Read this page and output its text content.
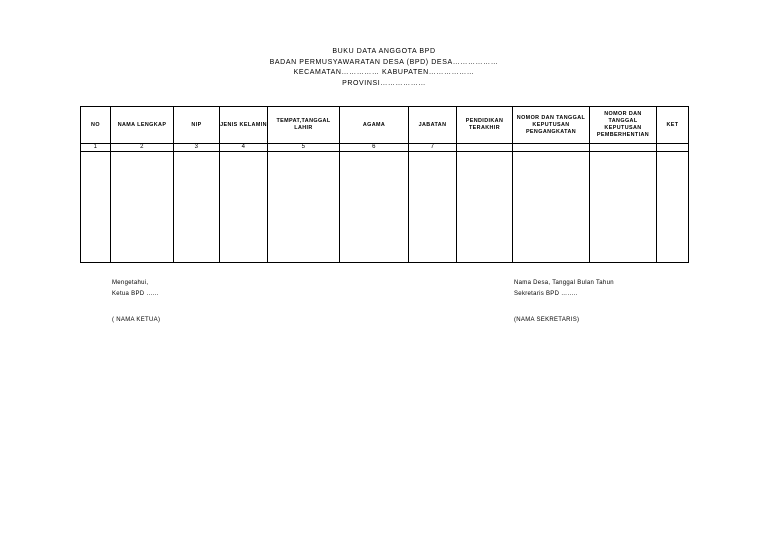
BUKU DATA ANGGOTA BPD
BADAN PERMUSYAWARATAN DESA (BPD) DESA………………
KECAMATAN…………… KABUPATEN………………
PROVINSI………………
NO	NAMA LENGKAP	NIP	JENIS KELAMIN	TEMPAT,TANGGAL LAHIR	AGAMA	JABATAN	PENDIDIKAN TERAKHIR	NOMOR DAN TANGGAL KEPUTUSAN PENGANGKATAN	NOMOR DAN TANGGAL KEPUTUSAN PEMBERHENTIAN	KET
1	2	3	4	5	6	7				

Mengetahui,
Ketua BPD ……
( NAMA KETUA)
Nama Desa, Tanggal Bulan Tahun
Sekretaris BPD ……..
(NAMA SEKRETARIS)
